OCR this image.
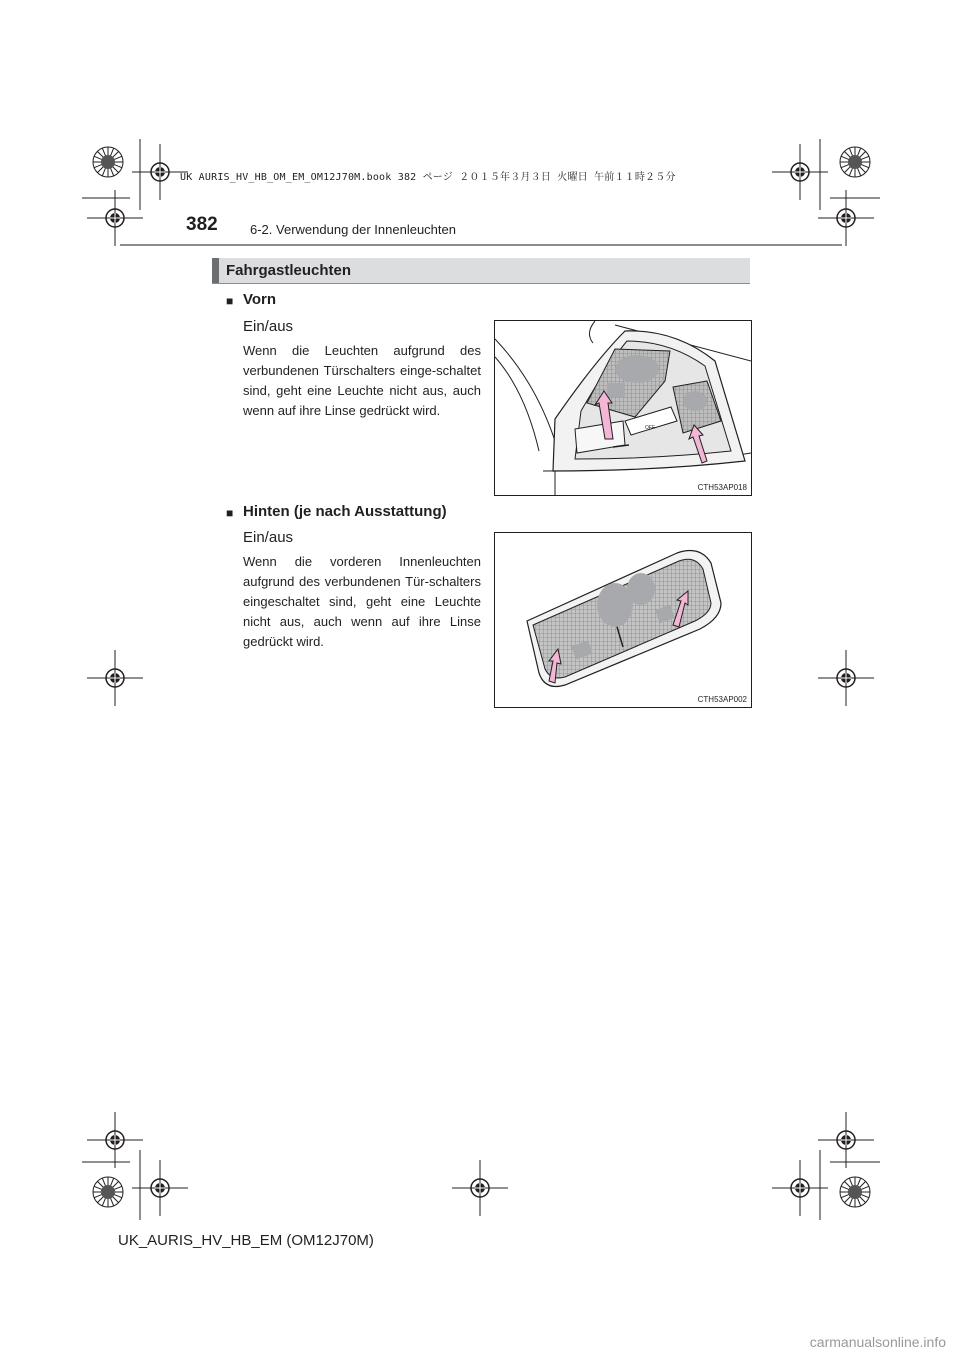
UK AURIS_HV_HB_OM_EM_OM12J70M.book 382 ページ ２０１５年３月３日 火曜日 午前１１時２５分
382 6-2. Verwendung der Innenleuchten
Fahrgastleuchten
■ Vorn
Ein/aus
Wenn die Leuchten aufgrund des verbundenen Türschalters einge-schaltet sind, geht eine Leuchte nicht aus, auch wenn auf ihre Linse gedrückt wird.
OFF
CTH53AP018
■ Hinten (je nach Ausstattung)
Ein/aus
Wenn die vorderen Innenleuchten aufgrund des verbundenen Tür-schalters eingeschaltet sind, geht eine Leuchte nicht aus, auch wenn auf ihre Linse gedrückt wird.
CTH53AP002
UK_AURIS_HV_HB_EM (OM12J70M)
carmanualsonline.info
